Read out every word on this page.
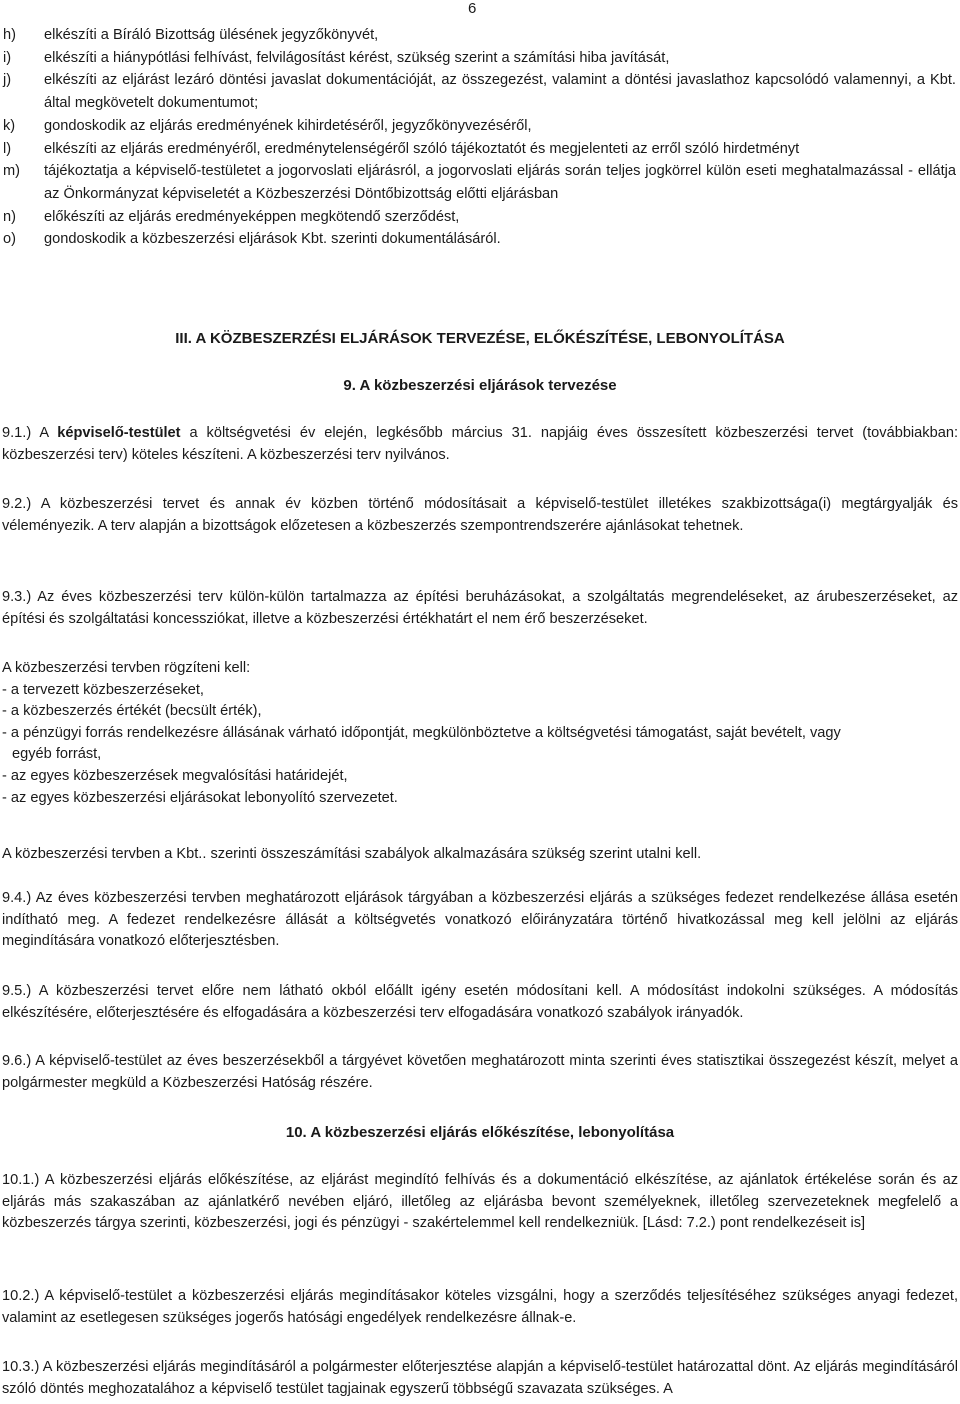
6
h)	elkészíti a Bíráló Bizottság ülésének jegyzőkönyvét,
i)	elkészíti a hiánypótlási felhívást, felvilágosítást kérést, szükség szerint a számítási hiba javítását,
j)	elkészíti az eljárást lezáró döntési javaslat dokumentációját, az összegezést, valamint a döntési javaslathoz kapcsolódó valamennyi, a Kbt. által megkövetelt dokumentumot;
k)	gondoskodik az eljárás eredményének kihirdetéséről, jegyzőkönyvezéséről,
l)	elkészíti az eljárás eredményéről, eredménytelenségéről szóló tájékoztatót és megjelenteti az erről szóló hirdetményt
m)	tájékoztatja a képviselő-testületet a jogorvoslati eljárásról, a jogorvoslati eljárás során teljes jogkörrel külön eseti meghatalmazással - ellátja az Önkormányzat képviseletét a Közbeszerzési Döntőbizottság előtti eljárásban
n)	előkészíti az eljárás eredményeképpen megkötendő szerződést,
o)	gondoskodik a közbeszerzési eljárások Kbt. szerinti dokumentálásáról.
III. A KÖZBESZERZÉSI ELJÁRÁSOK TERVEZÉSE, ELŐKÉSZÍTÉSE, LEBONYOLÍTÁSA
9. A közbeszerzési eljárások tervezése

9.1.) A képviselő-testület a költségvetési év elején, legkésőbb március 31. napjáig éves összesített közbeszerzési tervet (továbbiakban: közbeszerzési terv) köteles készíteni. A közbeszerzési terv nyilvános.

9.2.) A közbeszerzési tervet és annak év közben történő módosításait a képviselő-testület illetékes szakbizottsága(i) megtárgyalják és véleményezik. A terv alapján a bizottságok előzetesen a közbeszerzés szempontrendszerére ajánlásokat tehetnek.
9.3.) Az éves közbeszerzési terv külön-külön tartalmazza az építési beruházásokat, a szolgáltatás megrendeléseket, az árubeszerzéseket, az építési és szolgáltatási koncessziókat, illetve a közbeszerzési értékhatárt el nem érő beszerzéseket.

A közbeszerzési tervben rögzíteni kell:

- a tervezett közbeszerzéseket,

- a közbeszerzés értékét (becsült érték),

- a pénzügyi forrás rendelkezésre állásának várható időpontját, megkülönböztetve a költségvetési támogatást, saját bevételt, vagy

egyéb forrást,

- az egyes közbeszerzések megvalósítási határidejét,

- az egyes közbeszerzési eljárásokat lebonyolító szervezetet.

A közbeszerzési tervben a Kbt.. szerinti összeszámítási szabályok alkalmazására szükség szerint utalni kell.
9.4.) Az éves közbeszerzési tervben meghatározott eljárások tárgyában a közbeszerzési eljárás a szükséges fedezet rendelkezése állása esetén indítható meg. A fedezet rendelkezésre állását a költségvetés vonatkozó előirányzatára történő hivatkozással meg kell jelölni az eljárás megindítására vonatkozó előterjesztésben.
9.5.) A közbeszerzési tervet előre nem látható okból előállt igény esetén módosítani kell. A módosítást indokolni szükséges. A módosítás elkészítésére, előterjesztésére és elfogadására a közbeszerzési terv elfogadására vonatkozó szabályok irányadók.
9.6.) A képviselő-testület az éves beszerzésekből a tárgyévet követően meghatározott minta szerinti éves statisztikai összegezést készít, melyet a polgármester megküld a Közbeszerzési Hatóság részére.
10. A közbeszerzési eljárás előkészítése, lebonyolítása
10.1.) A közbeszerzési eljárás előkészítése, az eljárást megindító felhívás és a dokumentáció elkészítése, az ajánlatok értékelése során és az eljárás más szakaszában az ajánlatkérő nevében eljáró, illetőleg az eljárásba bevont személyeknek, illetőleg szervezeteknek megfelelő a közbeszerzés tárgya szerinti, közbeszerzési, jogi és pénzügyi - szakértelemmel kell rendelkezniük. [Lásd: 7.2.) pont rendelkezéseit is]
10.2.) A képviselő-testület a közbeszerzési eljárás megindításakor köteles vizsgálni, hogy a szerződés teljesítéséhez szükséges anyagi fedezet, valamint az esetlegesen szükséges jogerős hatósági engedélyek rendelkezésre állnak-e.
10.3.) A közbeszerzési eljárás megindításáról a polgármester előterjesztése alapján a képviselő-testület határozattal dönt. Az eljárás megindításáról szóló döntés meghozatalához a képviselő testület tagjainak egyszerű többségű szavazata szükséges. A
